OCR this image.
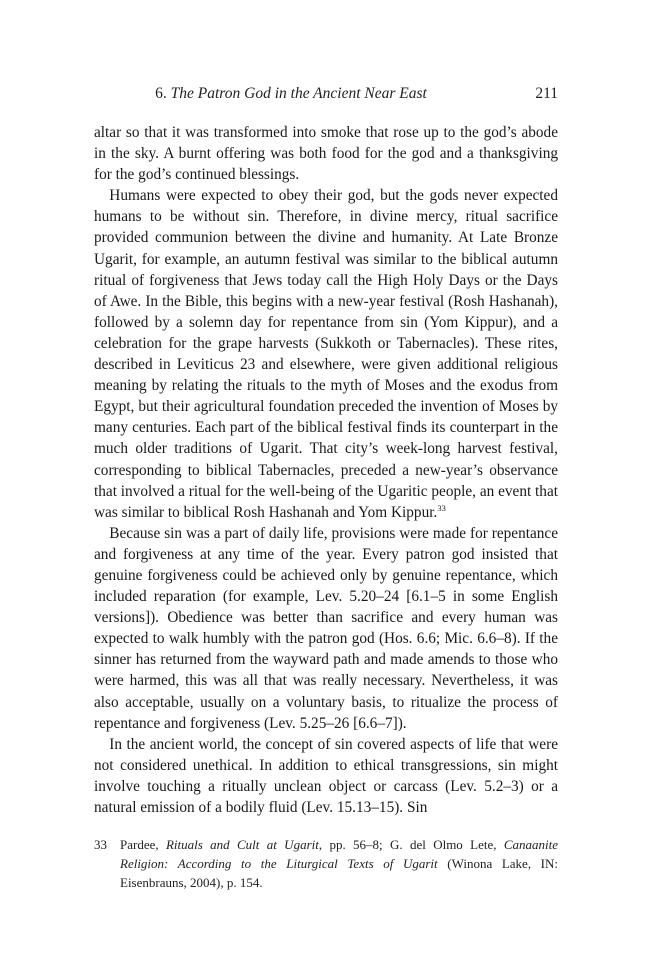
6. The Patron God in the Ancient Near East	211

altar so that it was transformed into smoke that rose up to the god’s abode in the sky. A burnt offering was both food for the god and a thanksgiving for the god’s continued blessings.

Humans were expected to obey their god, but the gods never expected humans to be without sin. Therefore, in divine mercy, ritual sacrifice provided communion between the divine and humanity. At Late Bronze Ugarit, for example, an autumn festival was similar to the biblical autumn ritual of forgiveness that Jews today call the High Holy Days or the Days of Awe. In the Bible, this begins with a new-year festival (Rosh Hashanah), followed by a solemn day for repentance from sin (Yom Kippur), and a celebration for the grape harvests (Sukkoth or Tabernacles). These rites, described in Leviticus 23 and elsewhere, were given additional religious meaning by relating the rituals to the myth of Moses and the exodus from Egypt, but their agricultural foundation preceded the invention of Moses by many centuries. Each part of the biblical festival finds its counterpart in the much older traditions of Ugarit. That city’s week-long harvest festival, corresponding to biblical Tabernacles, preceded a new-year’s observance that involved a ritual for the well-being of the Ugaritic people, an event that was similar to biblical Rosh Hashanah and Yom Kippur.$^{33}$

Because sin was a part of daily life, provisions were made for repentance and forgiveness at any time of the year. Every patron god insisted that genuine forgiveness could be achieved only by genuine repentance, which included reparation (for example, Lev. 5.20–24 [6.1–5 in some English versions]). Obedience was better than sacrifice and every human was expected to walk humbly with the patron god (Hos. 6.6; Mic. 6.6–8). If the sinner has returned from the wayward path and made amends to those who were harmed, this was all that was really necessary. Nevertheless, it was also acceptable, usually on a voluntary basis, to ritualize the process of repentance and forgiveness (Lev. 5.25–26 [6.6–7]).

In the ancient world, the concept of sin covered aspects of life that were not considered unethical. In addition to ethical transgressions, sin might involve touching a ritually unclean object or carcass (Lev. 5.2–3) or a natural emission of a bodily fluid (Lev. 15.13–15). Sin

33	Pardee, Rituals and Cult at Ugarit, pp. 56–8; G. del Olmo Lete, Canaanite Religion: According to the Liturgical Texts of Ugarit (Winona Lake, IN: Eisenbrauns, 2004), p. 154.
